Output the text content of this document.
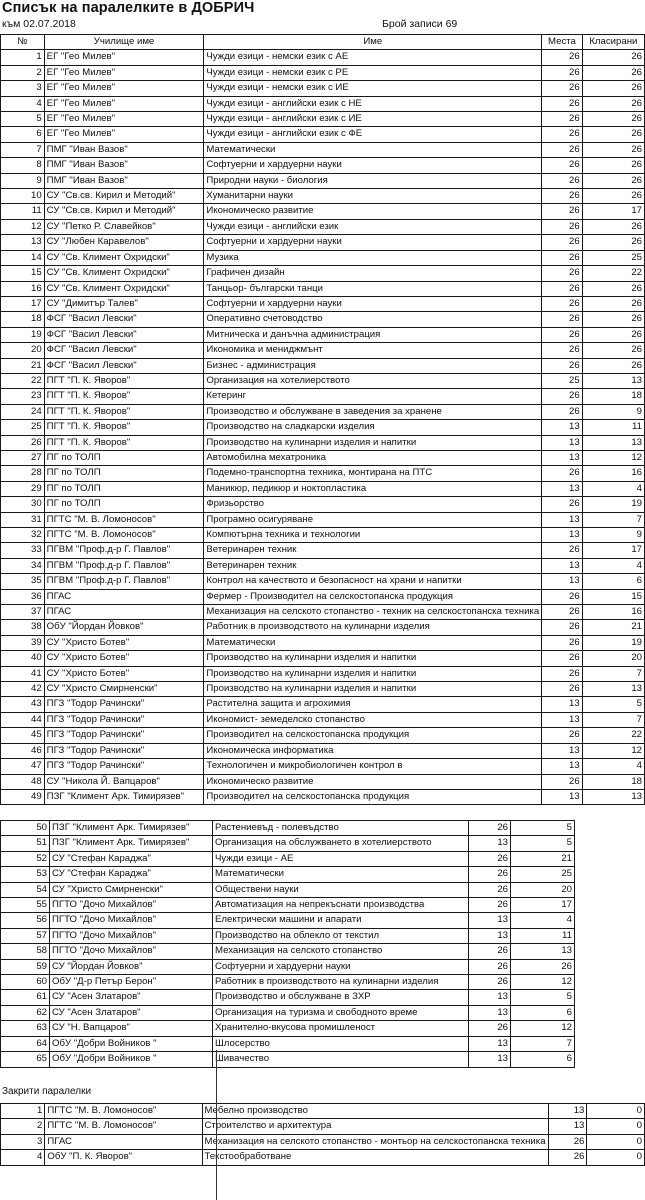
Списък на паралелките в ДОБРИЧ
към 02.07.2018	Брой записи 69
№	Училище име	Име	Места	Класирани
1	ЕГ "Гео Милев"	Чужди езици - немски език с АЕ	26	26
2	ЕГ "Гео Милев"	Чужди езици - немски език с РЕ	26	26
3	ЕГ "Гео Милев"	Чужди езици - немски език с ИЕ	26	26
4	ЕГ "Гео Милев"	Чужди езици - английски език с НЕ	26	26
5	ЕГ "Гео Милев"	Чужди езици - английски език с ИЕ	26	26
6	ЕГ "Гео Милев"	Чужди езици - английски език с ФЕ	26	26
7	ПМГ "Иван Вазов"	Математически	26	26
8	ПМГ "Иван Вазов"	Софтуерни и хардуерни науки	26	26
9	ПМГ "Иван Вазов"	Природни науки - биология	26	26
10	СУ "Св.св. Кирил и Методий"	Хуманитарни науки	26	26
11	СУ "Св.св. Кирил и Методий"	Икономическо развитие	26	17
12	СУ "Петко Р. Славейков"	Чужди езици - английски език	26	26
13	СУ "Любен Каравелов"	Софтуерни и хардуерни науки	26	26
14	СУ "Св. Климент Охридски"	Музика	26	25
15	СУ "Св. Климент Охридски"	Графичен дизайн	26	22
16	СУ "Св. Климент Охридски"	Танцьор- български танци	26	26
17	СУ "Димитър Талев"	Софтуерни и хардуерни науки	26	26
18	ФСГ "Васил Левски"	Оперативно счетоводство	26	26
19	ФСГ "Васил Левски"	Митническа и данъчна администрация	26	26
20	ФСГ "Васил Левски"	Икономика и мениджмънт	26	26
21	ФСГ "Васил Левски"	Бизнес - администрация	26	26
22	ПГТ "П. К. Яворов"	Организация на хотелиерството	25	13
23	ПГТ "П. К. Яворов"	Кетеринг	26	18
24	ПГТ "П. К. Яворов"	Производство и обслужване в заведения за хранене	26	9
25	ПГТ "П. К. Яворов"	Производство на сладкарски изделия	13	11
26	ПГТ "П. К. Яворов"	Производство на кулинарни изделия и напитки	13	13
27	ПГ по ТОЛП	Автомобилна мехатроника	13	12
28	ПГ по ТОЛП	Подемно-транспортна техника, монтирана на ПТС	26	16
29	ПГ по ТОЛП	Маникюр, педикюр и ноктопластика	13	4
30	ПГ по ТОЛП	Фризьорство	26	19
31	ПГТС "М. В. Ломоносов"	Програмно осигуряване	13	7
32	ПГТС "М. В. Ломоносов"	Компютърна техника и технологии	13	9
33	ПГВМ "Проф.д-р Г. Павлов"	Ветеринарен техник	26	17
34	ПГВМ "Проф.д-р Г. Павлов"	Ветеринарен техник	13	4
35	ПГВМ "Проф.д-р Г. Павлов"	Контрол на качеството и безопасност на храни и напитки	13	6
36	ПГАС	Фермер - Производител на селскостопанска продукция	26	15
37	ПГАС	Механизация на селското стопанство - техник на селскостопанска техника	26	16
38	ОбУ "Йордан Йовков"	Работник в производството на кулинарни изделия	26	21
39	СУ "Христо Ботев"	Математически	26	19
40	СУ "Христо Ботев"	Производство на кулинарни изделия и напитки	26	20
41	СУ "Христо Ботев"	Производство на кулинарни изделия и напитки	26	7
42	СУ "Христо Смирненски"	Производство на кулинарни изделия и напитки	26	13
43	ПГЗ "Тодор Рачински"	Растителна защита и агрохимия	13	5
44	ПГЗ "Тодор Рачински"	Икономист- земеделско стопанство	13	7
45	ПГЗ "Тодор Рачински"	Производител на селскостопанска продукция	26	22
46	ПГЗ "Тодор Рачински"	Икономическа информатика	13	12
47	ПГЗ "Тодор Рачински"	Технологичен и микробиологичен контрол в	13	4
48	СУ "Никола Й. Вапцаров"	Икономическо развитие	26	18
49	ПЗГ "Климент Арк. Тимирязев"	Производител на селскостопанска продукция	13	13
50	ПЗГ "Климент Арк. Тимирязев"	Растениевъд - полевъдство	26	5
51	ПЗГ "Климент Арк. Тимирязев"	Организация на обслужването в хотелиерството	13	5
52	СУ "Стефан Караджа"	Чужди езици - АЕ	26	21
53	СУ "Стефан Караджа"	Математически	26	25
54	СУ "Христо Смирненски"	Обществени науки	26	20
55	ПГТО "Дочо Михайлов"	Автоматизация на непрекъснати производства	26	17
56	ПГТО "Дочо Михайлов"	Електрически машини и апарати	13	4
57	ПГТО "Дочо Михайлов"	Производство на облекло от текстил	13	11
58	ПГТО "Дочо Михайлов"	Механизация на селското стопанство	26	13
59	СУ "Йордан Йовков"	Софтуерни и хардуерни науки	26	26
60	ОбУ "Д-р Петър Берон"	Работник в производството на кулинарни изделия	26	12
61	СУ "Асен Златаров"	Производство и обслужване в ЗХР	13	5
62	СУ "Асен Златаров"	Организация на туризма и свободното време	13	6
63	СУ "Н. Вапцаров"	Хранително-вкусова промишленост	26	12
64	ОбУ "Добри Войников "	Шлосерство	13	7
65	ОбУ "Добри Войников "	Шивачество	13	6
Закрити паралелки
1	ПГТС "М. В. Ломоносов"	Мебелно производство	13	0
2	ПГТС "М. В. Ломоносов"	Строителство и архитектура	13	0
3	ПГАС	Механизация на селското стопанство - монтьор на селскостопанска техника	26	0
4	ОбУ "П. К. Яворов"	Текстообработване	26	0
